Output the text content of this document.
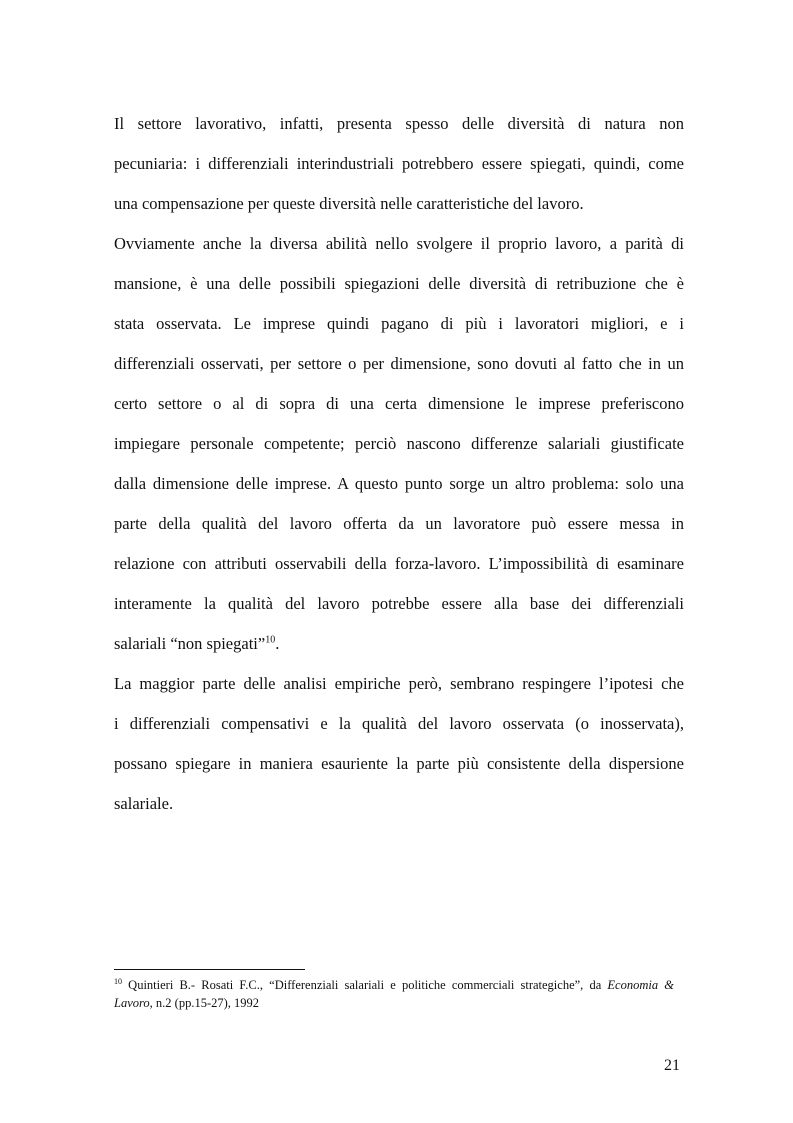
Il settore lavorativo, infatti, presenta spesso delle diversità di natura non
pecuniaria: i differenziali interindustriali potrebbero essere spiegati, quindi, come
una compensazione per queste diversità nelle caratteristiche del lavoro.
Ovviamente anche la diversa abilità nello svolgere il proprio lavoro, a parità di
mansione, è una delle possibili spiegazioni delle diversità di retribuzione che è
stata osservata. Le imprese quindi pagano di più i lavoratori migliori, e i
differenziali osservati, per settore o per dimensione, sono dovuti al fatto che in un
certo settore o al di sopra di una certa dimensione le imprese preferiscono
impiegare personale competente; perciò nascono differenze salariali giustificate
dalla dimensione delle imprese. A questo punto sorge un altro problema: solo una
parte della qualità del lavoro offerta da un lavoratore può essere messa in
relazione con attributi osservabili della forza-lavoro. L’impossibilità di esaminare
interamente la qualità del lavoro potrebbe essere alla base dei differenziali
salariali “non spiegati”$^{10}$.
La maggior parte delle analisi empiriche però, sembrano respingere l’ipotesi che
i differenziali compensativi e la qualità del lavoro osservata (o inosservata),
possano spiegare in maniera esauriente la parte più consistente della dispersione
salariale.
$^{10}$ Quintieri B.- Rosati F.C., “Differenziali salariali e politiche commerciali strategiche”, da Economia &
Lavoro, n.2 (pp.15-27), 1992
21
